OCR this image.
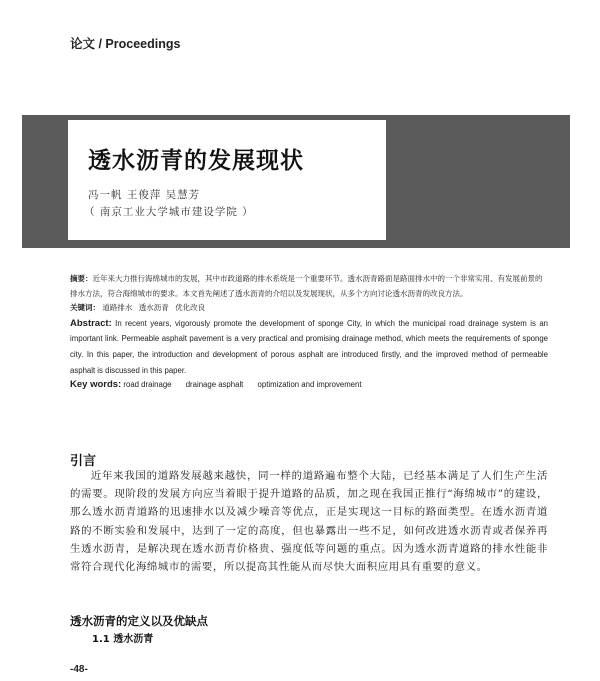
论文 / Proceedings
透水沥青的发展现状
冯一帆 王俊萍 吴慧芳
（ 南京工业大学城市建设学院 ）

摘要：近年来大力推行海绵城市的发展，其中市政道路的排水系统是一个重要环节。透水沥青路面是路面排水中的一个非常实用、有发展前景的排水方法，符合海绵城市的要求。本文首先阐述了透水沥青的介绍以及发展现状，从多个方向讨论透水沥青的改良方法。

关键词： 道路排水 透水沥青 优化改良

Abstract: In recent years, vigorously promote the development of sponge City, in which the municipal road drainage system is an important link. Permeable asphalt pavement is a very practical and promising drainage method, which meets the requirements of sponge city. In this paper, the introduction and development of porous asphalt are introduced firstly, and the improved method of permeable asphalt is discussed in this paper.

Key words: road drainage drainage asphalt optimization and improvement

引言
近年来我国的道路发展越来越快，同一样的道路遍布整个大陆，已经基本满足了人们生产生活的需要。现阶段的发展方向应当着眼于提升道路的品质，加之现在我国正推行“海绵城市”的建设，那么透水沥青道路的迅速排水以及减少噪音等优点，正是实现这一目标的路面类型。在透水沥青道路的不断实验和发展中，达到了一定的高度，但也暴露出一些不足，如何改进透水沥青或者保养再生透水沥青，是解决现在透水沥青价格贵、强度低等问题的重点。因为透水沥青道路的排水性能非常符合现代化海绵城市的需要，所以提高其性能从而尽快大面积应用具有重要的意义。
透水沥青的定义以及优缺点
1.1 透水沥青
-48-
